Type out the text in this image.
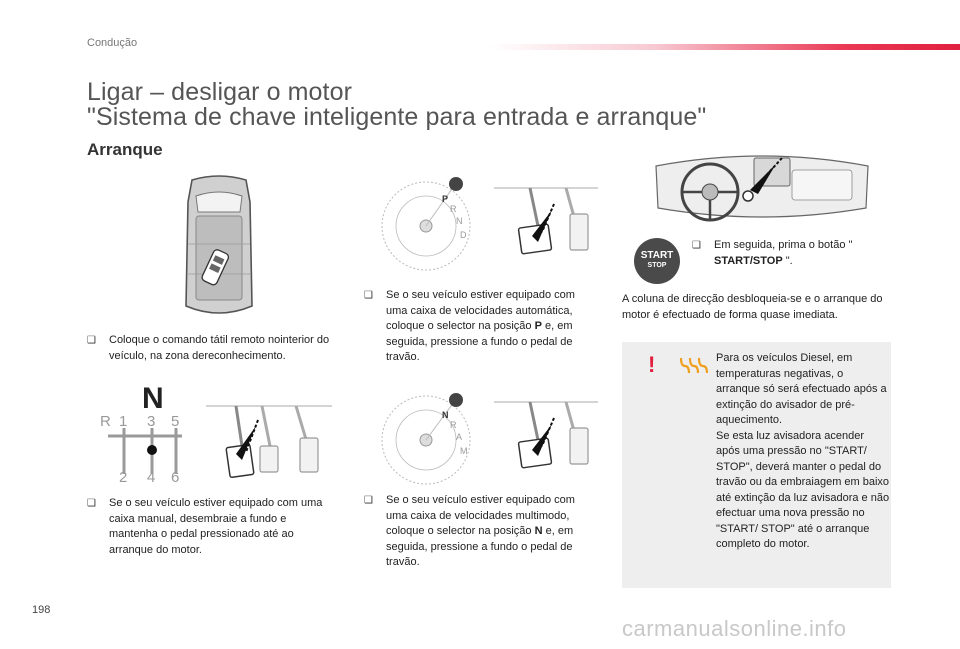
Condução
Ligar – desligar o motor
"Sistema de chave inteligente para entrada e arranque"
Arranque
❑	Coloque o comando tátil remoto nointerior do veículo, na zona dereconhecimento.
N
R 1 3 5
2 4 6
❑	Se o seu veículo estiver equipado com uma caixa manual, desembraie a fundo e mantenha o pedal pressionado até ao arranque do motor.
P
R
N
D
❑	Se o seu veículo estiver equipado com uma caixa de velocidades automática, coloque o selector na posição P e, em seguida, pressione a fundo o pedal de travão.
N
R
A
M
❑	Se o seu veículo estiver equipado com uma caixa de velocidades multimodo, coloque o selector na posição N e, em seguida, pressione a fundo o pedal de travão.
START
STOP
❑	Em seguida, prima o botão " START/STOP ".
A coluna de direcção desbloqueia-se e o arranque do motor é efectuado de forma quase imediata.
!	Para os veículos Diesel, em temperaturas negativas, o arranque só será efectuado após a extinção do avisador de pré-aquecimento.
Se esta luz avisadora acender após uma pressão no "START/ STOP", deverá manter o pedal do travão ou da embraiagem em baixo até extinção da luz avisadora e não efectuar uma nova pressão no "START/ STOP" até o arranque completo do motor.
198
carmanualsonline.info
